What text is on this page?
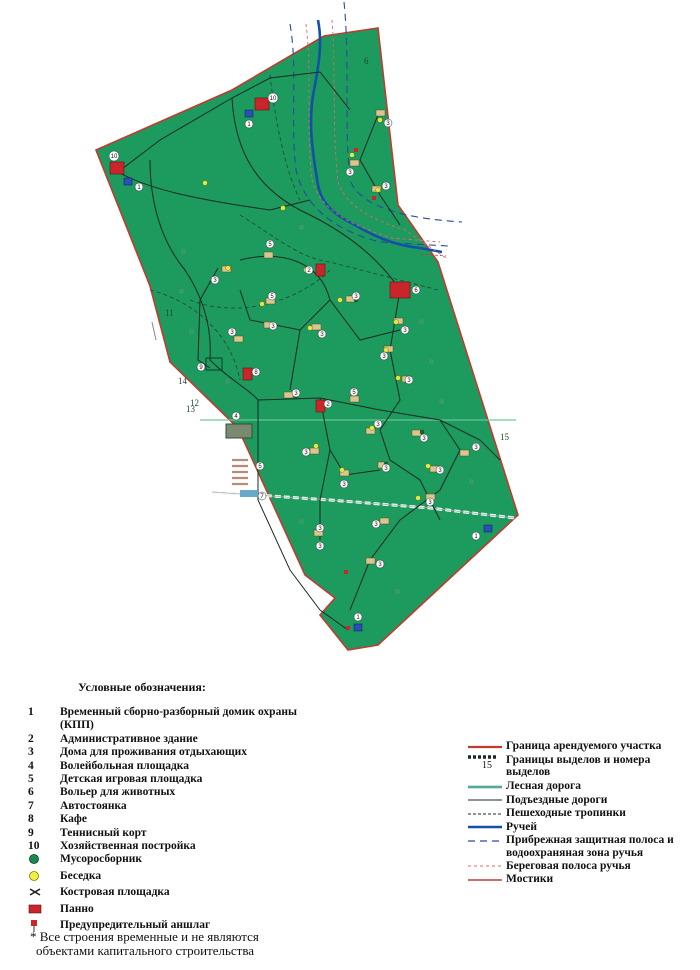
10
1
10
1
3
3
3
5
3
2
6
5	3
3
3
3
3
3
9
8
3
3	5
2
4
3
3
3
3
3	3
3
5
7
3
1
3
3
3
3
1
6
11
12
13
14
15
Условные обозначения:
1	Временный сборно-разборный домик охраны (КПП)
2	Административное здание
3	Дома для проживания отдыхающих
4	Волейбольная площадка
5	Детская игровая площадка
6	Вольер для животных
7	Автостоянка
8	Кафе
9	Теннисный корт
10	Хозяйственная постройка
Мусоросборник
Беседка
Костровая площадка
Панно
Предупредительный аншлаг
Граница арендуемого участка
15 Границы выделов и номера выделов
Лесная дорога
Подъездные дороги
Пешеходные тропинки
Ручей
Прибрежная защитная полоса и водоохраняная зона ручья
Береговая полоса ручья
Мостики
* Все строения временные и не являются
объектами капитального строительства
